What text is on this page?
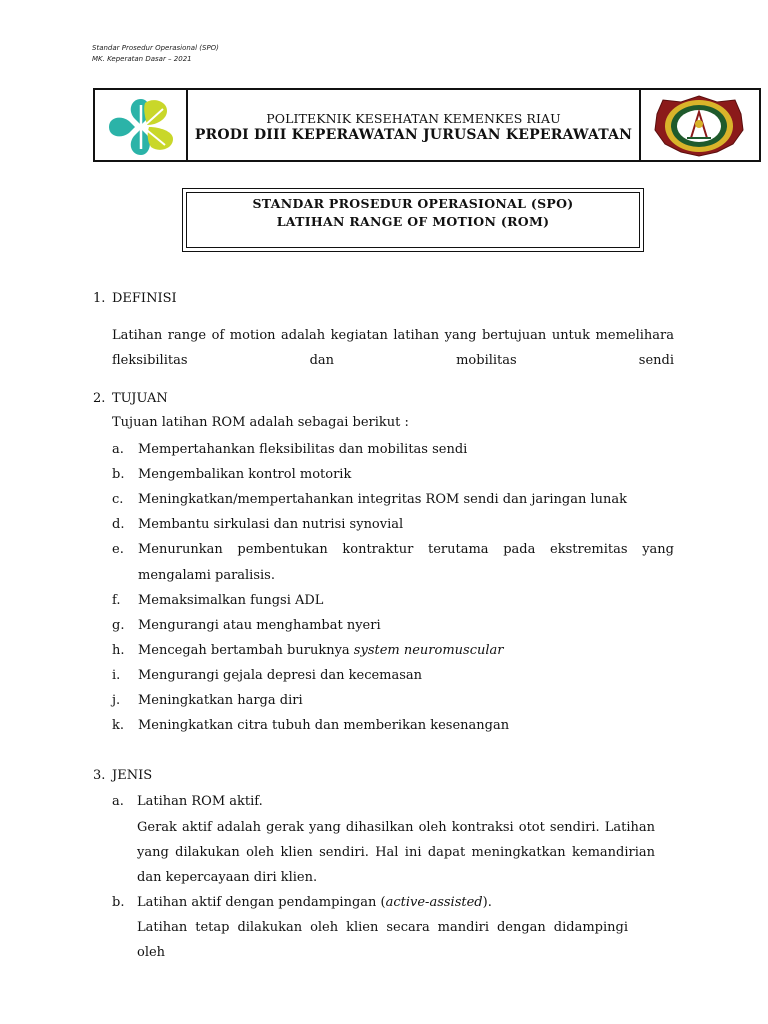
Standar Prosedur Operasional (SPO)
MK. Keperatan Dasar – 2021
POLITEKNIK KESEHATAN KEMENKES RIAU
PRODI DIII KEPERAWATAN JURUSAN KEPERAWATAN
STANDAR PROSEDUR OPERASIONAL (SPO)
LATIHAN RANGE OF MOTION (ROM)
1. DEFINISI
Latihan range of motion adalah kegiatan latihan yang bertujuan untuk memelihara fleksibilitas dan mobilitas sendi
2. TUJUAN
Tujuan latihan ROM adalah sebagai berikut :
a. Mempertahankan fleksibilitas dan mobilitas sendi
b. Mengembalikan kontrol motorik
c. Meningkatkan/mempertahankan integritas ROM sendi dan jaringan lunak
d. Membantu sirkulasi dan nutrisi synovial
e. Menurunkan pembentukan kontraktur terutama pada ekstremitas yang
mengalami paralisis.
f. Memaksimalkan fungsi ADL
g. Mengurangi atau menghambat nyeri
h. Mencegah bertambah buruknya system neuromuscular
i. Mengurangi gejala depresi dan kecemasan
j. Meningkatkan harga diri
k. Meningkatkan citra tubuh dan memberikan kesenangan
3. JENIS
a. Latihan ROM aktif.
Gerak aktif adalah gerak yang dihasilkan oleh kontraksi otot sendiri. Latihan yang dilakukan oleh klien sendiri. Hal ini dapat meningkatkan kemandirian dan kepercayaan diri klien.
b. Latihan aktif dengan pendampingan (active-assisted).
Latihan tetap dilakukan oleh klien secara mandiri dengan didampingi oleh
